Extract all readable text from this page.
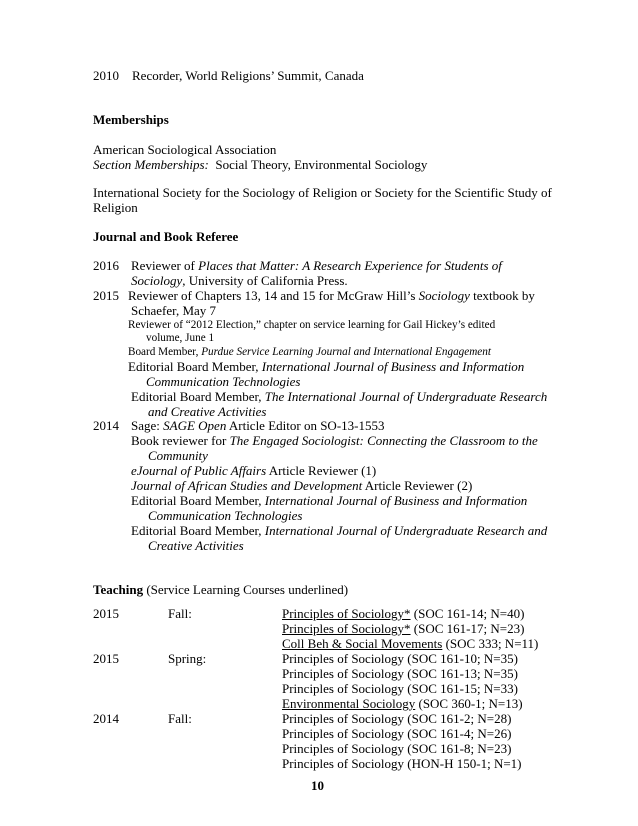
2010 Recorder, World Religions’ Summit, Canada
Memberships
American Sociological Association
Section Memberships: Social Theory, Environmental Sociology
International Society for the Sociology of Religion or Society for the Scientific Study of
Religion
Journal and Book Referee
2016 Reviewer of Places that Matter: A Research Experience for Students of
Sociology, University of California Press.
2015 Reviewer of Chapters 13, 14 and 15 for McGraw Hill’s Sociology textbook by
Schaefer, May 7
Reviewer of “2012 Election,” chapter on service learning for Gail Hickey’s edited
volume, June 1
Board Member, Purdue Service Learning Journal and International Engagement
Editorial Board Member, International Journal of Business and Information
Communication Technologies
Editorial Board Member, The International Journal of Undergraduate Research
and Creative Activities
2014 Sage: SAGE Open Article Editor on SO-13-1553
Book reviewer for The Engaged Sociologist: Connecting the Classroom to the
Community
eJournal of Public Affairs Article Reviewer (1)
Journal of African Studies and Development Article Reviewer (2)
Editorial Board Member, International Journal of Business and Information
Communication Technologies
Editorial Board Member, International Journal of Undergraduate Research and
Creative Activities
Teaching (Service Learning Courses underlined)
2015	Fall:	Principles of Sociology* (SOC 161-14; N=40)
Principles of Sociology* (SOC 161-17; N=23)
Coll Beh & Social Movements (SOC 333; N=11)
2015	Spring:	Principles of Sociology (SOC 161-10; N=35)
Principles of Sociology (SOC 161-13; N=35)
Principles of Sociology (SOC 161-15; N=33)
Environmental Sociology (SOC 360-1; N=13)
2014	Fall:	Principles of Sociology (SOC 161-2; N=28)
Principles of Sociology (SOC 161-4; N=26)
Principles of Sociology (SOC 161-8; N=23)
Principles of Sociology (HON-H 150-1; N=1)
10
